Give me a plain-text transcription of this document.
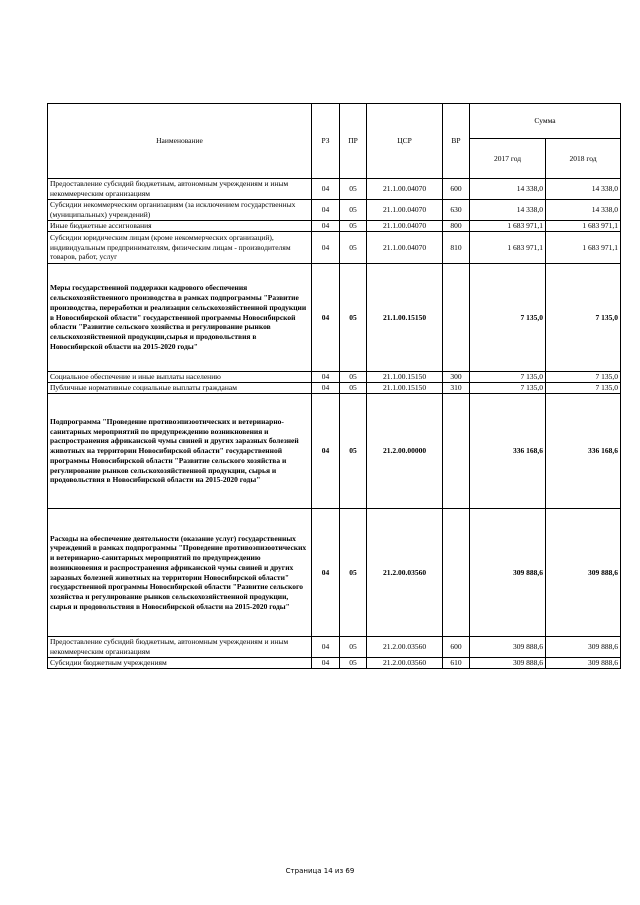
Наименование	РЗ	ПР	ЦСР	ВР	Сумма	
					2017 год	2018 год
Предоставление субсидий бюджетным, автономным учреждениям и иным некоммерческим организациям	04	05	21.1.00.04070	600	14 338,0	14 338,0
Субсидии некоммерческим организациям (за исключением государственных (муниципальных) учреждений)	04	05	21.1.00.04070	630	14 338,0	14 338,0
Иные бюджетные ассигнования	04	05	21.1.00.04070	800	1 683 971,1	1 683 971,1
Субсидии юридическим лицам (кроме некоммерческих организаций), индивидуальным предпринимателям, физическим лицам - производителям товаров, работ, услуг	04	05	21.1.00.04070	810	1 683 971,1	1 683 971,1
Меры государственной поддержки кадрового обеспечения сельскохозяйственного производства в рамках подпрограммы "Развитие производства, переработки и реализации сельскохозяйственной продукции в Новосибирской области" государственной программы Новосибирской области "Развитие сельского хозяйства и регулирование рынков сельскохозяйственной продукции,сырья и продовольствия в Новосибирской области на 2015-2020 годы"	04	05	21.1.00.15150		7 135,0	7 135,0
Социальное обеспечение и иные выплаты населению	04	05	21.1.00.15150	300	7 135,0	7 135,0
Публичные нормативные социальные выплаты гражданам	04	05	21.1.00.15150	310	7 135,0	7 135,0
Подпрограмма "Проведение противоэпизоотических и ветеринарно-санитарных мероприятий по предупреждению возникновения и распространения африканской чумы свиней и других заразных болезней животных на территории Новосибирской области" государственной программы Новосибирской области "Развитие сельского хозяйства и регулирование рынков сельскохозяйственной продукции, сырья и продовольствия в Новосибирской области на 2015-2020 годы"	04	05	21.2.00.00000		336 168,6	336 168,6
Расходы на обеспечение деятельности (оказание услуг) государственных учреждений в рамках подпрограммы "Проведение противоэпизоотических и ветеринарно-санитарных мероприятий по предупреждению возникновения и распространения африканской чумы свиней и других заразных болезней животных на территории Новосибирской области" государственной программы Новосибирской области "Развитие сельского хозяйства и регулирование рынков сельскохозяйственной продукции, сырья и продовольствия в Новосибирской области на 2015-2020 годы"	04	05	21.2.00.03560		309 888,6	309 888,6
Предоставление субсидий бюджетным, автономным учреждениям и иным некоммерческим организациям	04	05	21.2.00.03560	600	309 888,6	309 888,6
Субсидии бюджетным учреждениям	04	05	21.2.00.03560	610	309 888,6	309 888,6
Страница 14 из 69
